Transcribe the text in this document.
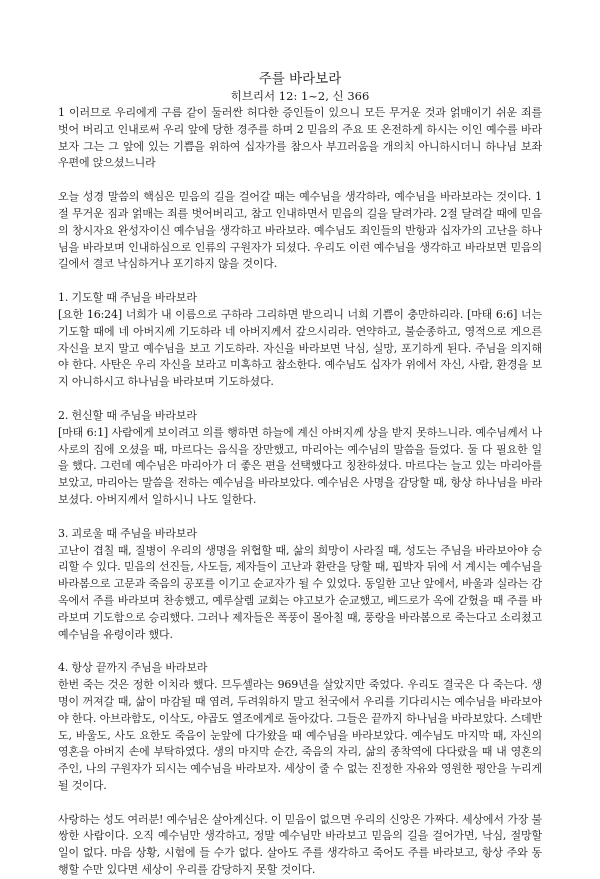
주를 바라보라
히브리서 12: 1~2, 신 366

1 이러므로 우리에게 구름 같이 둘러싼 허다한 증인들이 있으니 모든 무거운 것과 얽매이기 쉬운 죄를 벗어 버리고 인내로써 우리 앞에 당한 경주를 하며 2 믿음의 주요 또 온전하게 하시는 이인 예수를 바라보자 그는 그 앞에 있는 기쁨을 위하여 십자가를 참으사 부끄러움을 개의치 아니하시더니 하나님 보좌 우편에 앉으셨느니라

오늘 성경 말씀의 핵심은 믿음의 길을 걸어갈 때는 예수님을 생각하라, 예수님을 바라보라는 것이다. 1절 무거운 짐과 얽매는 죄를 벗어버리고, 참고 인내하면서 믿음의 길을 달려가라. 2절 달려갈 때에 믿음의 창시자요 완성자이신 예수님을 생각하고 바라보라. 예수님도 죄인들의 반항과 십자가의 고난을 하나님을 바라보며 인내하심으로 인류의 구원자가 되셨다. 우리도 이런 예수님을 생각하고 바라보면 믿음의 길에서 결코 낙심하거나 포기하지 않을 것이다.

1. 기도할 때 주님을 바라보라

[요한 16:24] 너희가 내 이름으로 구하라 그리하면 받으리니 너희 기쁨이 충만하리라. [마태 6:6] 너는 기도할 때에 네 아버지께 기도하라 네 아버지께서 갚으시리라. 연약하고, 불순종하고, 영적으로 게으른 자신을 보지 말고 예수님을 보고 기도하라. 자신을 바라보면 낙심, 실망, 포기하게 된다. 주님을 의지해야 한다. 사탄은 우리 자신을 보라고 미혹하고 참소한다. 예수님도 십자가 위에서 자신, 사람, 환경을 보지 아니하시고 하나님을 바라보며 기도하셨다.

2. 헌신할 때 주님을 바라보라

[마태 6:1] 사람에게 보이려고 의를 행하면 하늘에 계신 아버지께 상을 받지 못하느니라. 예수님께서 나사로의 집에 오셨을 때, 마르다는 음식을 장만했고, 마리아는 예수님의 말씀을 들었다. 둘 다 필요한 일을 했다. 그런데 예수님은 마리아가 더 좋은 편을 선택했다고 칭찬하셨다. 마르다는 늘고 있는 마리아를 보았고, 마리아는 말씀을 전하는 예수님을 바라보았다. 예수님은 사명을 감당할 때, 항상 하나님을 바라보셨다. 아버지께서 일하시니 나도 일한다.

3. 괴로울 때 주님을 바라보라

고난이 겹칠 때, 질병이 우리의 생명을 위협할 때, 삶의 희망이 사라질 때, 성도는 주님을 바라보아야 승리할 수 있다. 믿음의 선진들, 사도들, 제자들이 고난과 환란을 당할 때, 핍박자 뒤에 서 계시는 예수님을 바라봄으로 고문과 죽음의 공포를 이기고 순교자가 될 수 있었다. 동일한 고난 앞에서, 바울과 실라는 감옥에서 주를 바라보며 찬송했고, 예루살렘 교회는 야고보가 순교했고, 베드로가 옥에 갇혔을 때 주를 바라보며 기도함으로 승리했다. 그러나 제자들은 폭풍이 몰아칠 때, 풍랑을 바라봄으로 죽는다고 소리쳤고 예수님을 유령이라 했다.

4. 항상 끝까지 주님을 바라보라

한번 죽는 것은 정한 이치라 했다. 므두셀라는 969년을 살았지만 죽었다. 우리도 결국은 다 죽는다. 생명이 꺼져갈 때, 삶이 마감될 때 염려, 두려워하지 말고 천국에서 우리를 기다리시는 예수님을 바라보아야 한다. 아브라함도, 이삭도, 야곱도 열조에게로 돌아갔다. 그들은 끝까지 하나님을 바라보았다. 스데반도, 바울도, 사도 요한도 죽음이 눈앞에 다가왔을 때 예수님을 바라보았다. 예수님도 마지막 때, 자신의 영혼을 아버지 손에 부탁하였다. 생의 마지막 순간, 죽음의 자리, 삶의 종착역에 다다랐을 때 내 영혼의 주인, 나의 구원자가 되시는 예수님을 바라보자. 세상이 줄 수 없는 진정한 자유와 영원한 평안을 누리게 될 것이다.

사랑하는 성도 여러분! 예수님은 살아계신다. 이 믿음이 없으면 우리의 신앙은 가짜다. 세상에서 가장 불쌍한 사람이다. 오직 예수님만 생각하고, 정말 예수님만 바라보고 믿음의 길을 걸어가면, 낙심, 절망할 일이 없다. 마음 상황, 시험에 들 수가 없다. 살아도 주를 생각하고 죽어도 주를 바라보고, 항상 주와 동행할 수만 있다면 세상이 우리를 감당하지 못할 것이다.
